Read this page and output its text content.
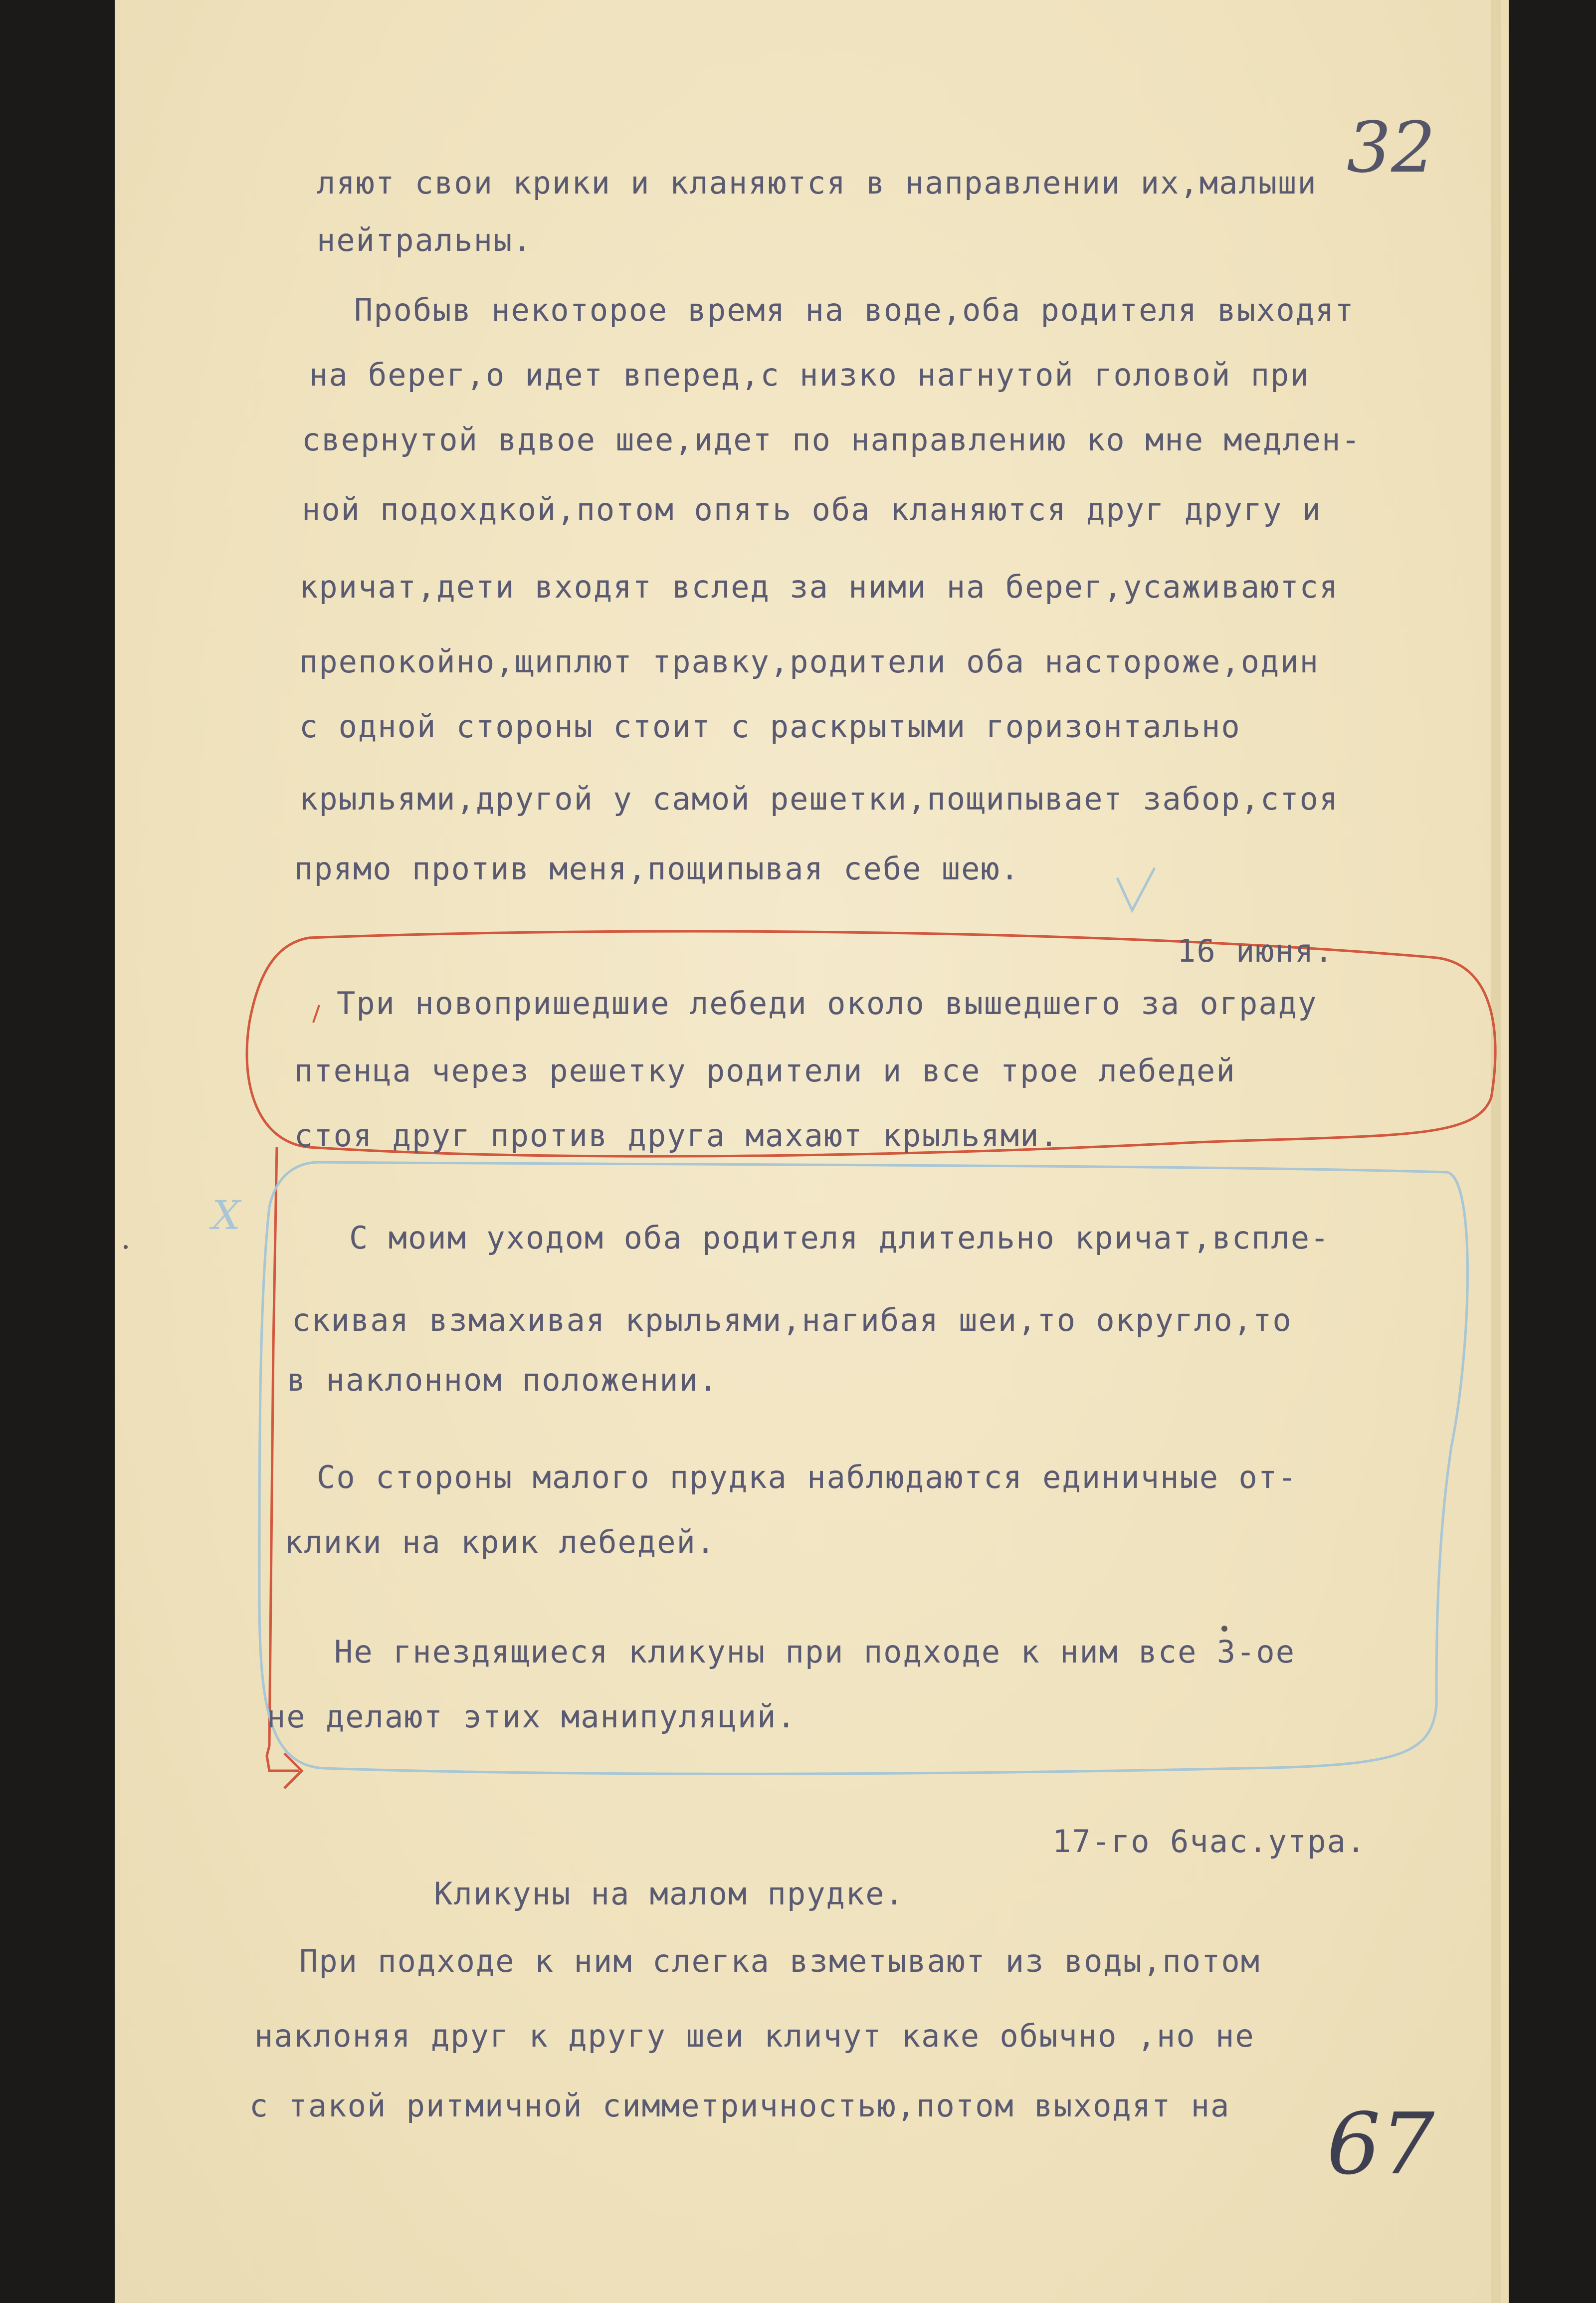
32
67
X
ляют свои крики и кланяются в направлении их,малыши
нейтральны.
Пробыв некоторое время на воде,оба родителя выходят
на берег,о идет вперед,с низко нагнутой головой при
свернутой вдвое шее,идет по направлению ко мне медлен-
ной подохдкой,потом опять оба кланяются друг другу и
кричат,дети входят вслед за ними на берег,усаживаются
препокойно,щиплют травку,родители оба настороже,один
с одной стороны стоит с раскрытыми горизонтально
крыльями,другой у самой решетки,пощипывает забор,стоя
прямо против меня,пощипывая себе шею.
16 июня.
Три новопришедшие лебеди около вышедшего за ограду
птенца через решетку родители и все трое лебедей
стоя друг против друга махают крыльями.
С моим уходом оба родителя длительно кричат,вспле-
скивая взмахивая крыльями,нагибая шеи,то округло,то
в наклонном положении.
Со стороны малого прудка наблюдаются единичные от-
клики на крик лебедей.
Не гнездящиеся кликуны при подходе к ним все 3-ое
не делают этих манипуляций.
17-го 6час.утра.
Кликуны на малом прудке.
При подходе к ним слегка взметывают из воды,потом
наклоняя друг к другу шеи кличут каке обычно ,но не
с такой ритмичной симметричностью,потом выходят на
